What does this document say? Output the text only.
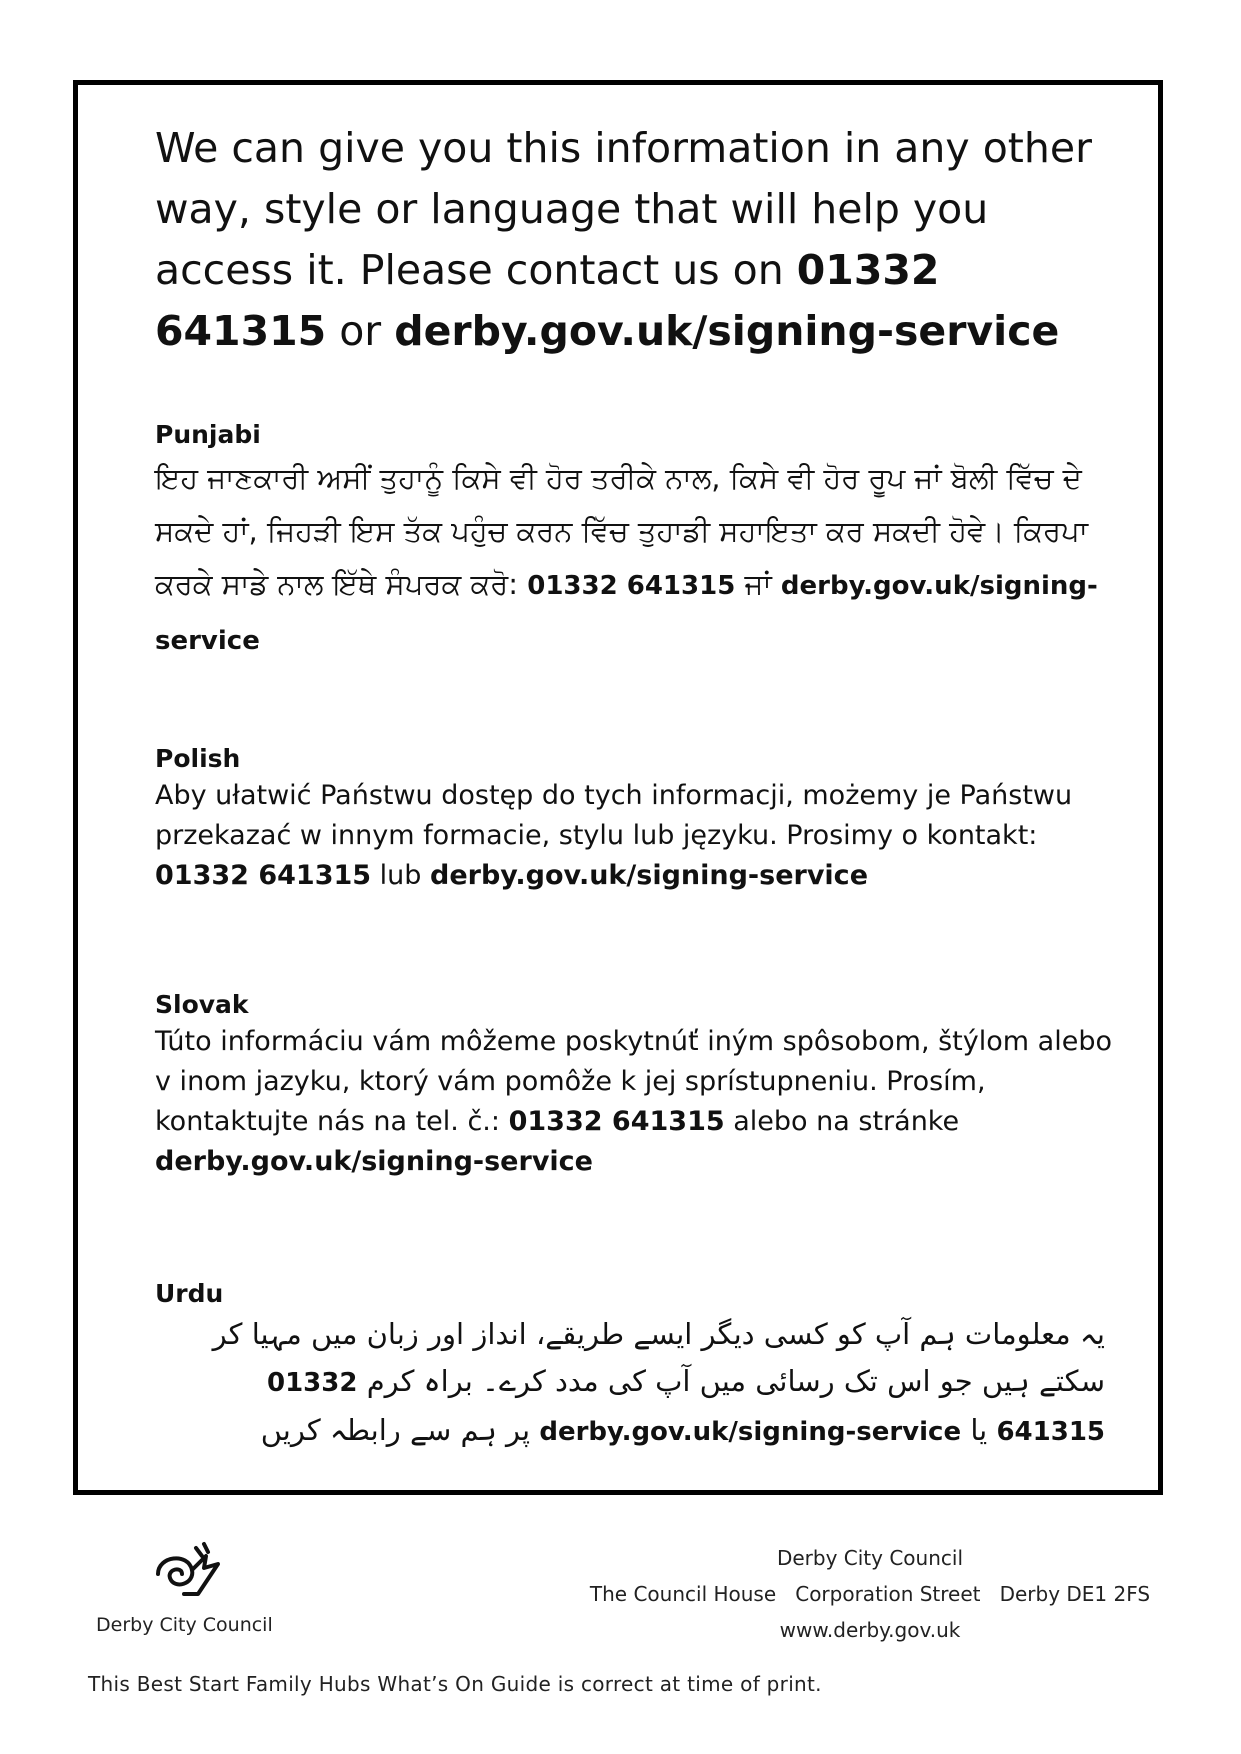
We can give you this information in any other way, style or language that will help you access it. Please contact us on 01332 641315 or derby.gov.uk/signing-service

Punjabi

ਇਹ ਜਾਣਕਾਰੀ ਅਸੀਂ ਤੁਹਾਨੂੰ ਕਿਸੇ ਵੀ ਹੋਰ ਤਰੀਕੇ ਨਾਲ, ਕਿਸੇ ਵੀ ਹੋਰ ਰੂਪ ਜਾਂ ਬੋਲੀ ਵਿੱਚ ਦੇ ਸਕਦੇ ਹਾਂ, ਜਿਹੜੀ ਇਸ ਤੱਕ ਪਹੁੰਚ ਕਰਨ ਵਿੱਚ ਤੁਹਾਡੀ ਸਹਾਇਤਾ ਕਰ ਸਕਦੀ ਹੋਵੇ। ਕਿਰਪਾ ਕਰਕੇ ਸਾਡੇ ਨਾਲ ਇੱਥੇ ਸੰਪਰਕ ਕਰੋ: 01332 641315 ਜਾਂ derby.gov.uk/signing-service

Polish

Aby ułatwić Państwu dostęp do tych informacji, możemy je Państwu przekazać w innym formacie, stylu lub języku. Prosimy o kontakt: 01332 641315 lub derby.gov.uk/signing-service

Slovak

Túto informáciu vám môžeme poskytnúť iným spôsobom, štýlom alebo v inom jazyku, ktorý vám pomôže k jej sprístupneniu. Prosím, kontaktujte nás na tel. č.: 01332 641315 alebo na stránke derby.gov.uk/signing-service

Urdu

یہ معلومات ہم آپ کو کسی دیگر ایسے طریقے، انداز اور زبان میں مہیا کر سکتے ہیں جو اس تک رسائی میں آپ کی مدد کرے۔ براہ کرم 01332 641315 یا derby.gov.uk/signing-service پر ہم سے رابطہ کریں

Derby City Council
Derby City Council
The Council House   Corporation Street   Derby DE1 2FS
www.derby.gov.uk
This Best Start Family Hubs What’s On Guide is correct at time of print.
